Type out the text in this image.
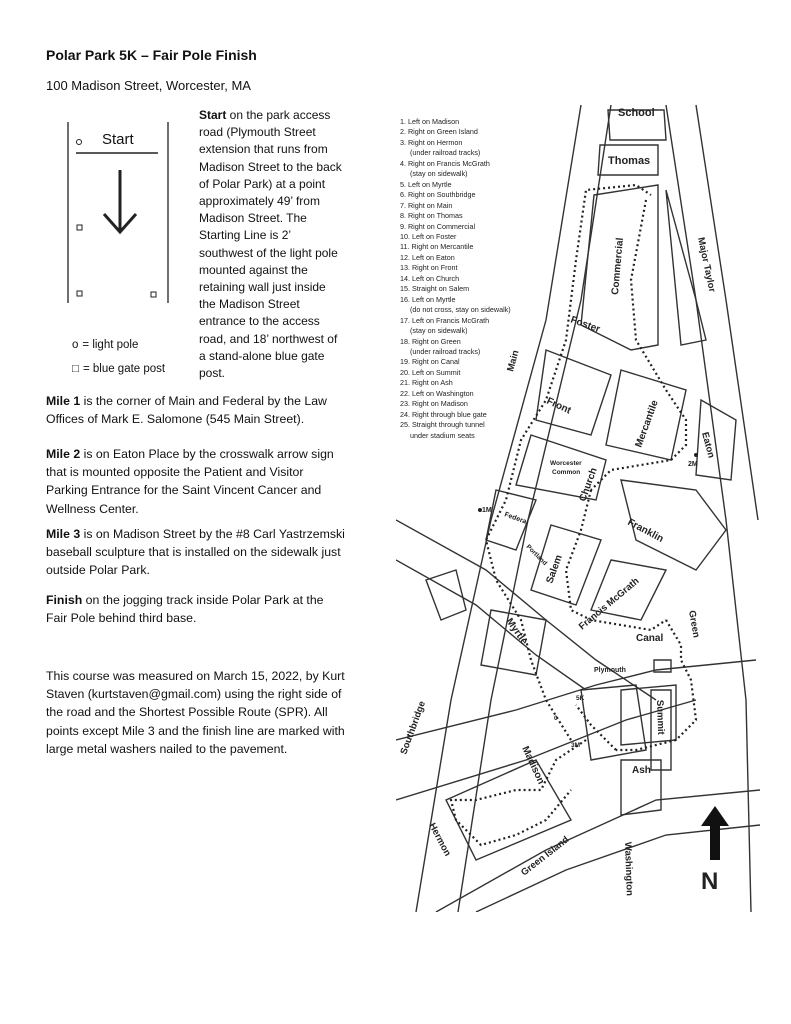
Polar Park 5K – Fair Pole Finish
100 Madison Street, Worcester, MA
Start
o = light pole
□ = blue gate post
Start on the park access road (Plymouth Street extension that runs from Madison Street to the back of Polar Park) at a point approximately 49’ from Madison Street. The Starting Line is 2’ southwest of the light pole mounted against the retaining wall just inside the Madison Street entrance to the access road, and 18’ northwest of a stand-alone blue gate post.
Mile 1 is the corner of Main and Federal by the Law Offices of Mark E. Salomone (545 Main Street).
Mile 2 is on Eaton Place by the crosswalk arrow sign that is mounted opposite the Patient and Visitor Parking Entrance for the Saint Vincent Cancer and Wellness Center.
Mile 3 is on Madison Street by the #8 Carl Yastrzemski baseball sculpture that is installed on the sidewalk just outside Polar Park.
Finish on the jogging track inside Polar Park at the Fair Pole behind third base.
This course was measured on March 15, 2022, by Kurt Staven (kurtstaven@gmail.com) using the right side of the road and the Shortest Possible Route (SPR). All points except Mile 3 and the finish line are marked with large metal washers nailed to the pavement.
School
Thomas
Commercial	Major Taylor
Foster
Main
Front	Mercantile	Eaton
Worcester
Common
Church
Franklin
Federal
Portland
Salem
Francis McGrath	Green
Myrtle	Canal
Plymouth
Southbridge	Summit
Madison	Ash
Hermon	Green Island	Washington	N
1M
2M
3M
5K
0
1. Left on Madison
2. Right on Green Island
3. Right on Hermon
(under railroad tracks)
4. Right on Francis McGrath
(stay on sidewalk)
5. Left on Myrtle
6. Right on Southbridge
7. Right on Main
8. Right on Thomas
9. Right on Commercial
10. Left on Foster
11. Right on Mercantile
12. Left on Eaton
13. Right on Front
14. Left on Church
15. Straight on Salem
16. Left on Myrtle
(do not cross, stay on sidewalk)
17. Left on Francis McGrath
(stay on sidewalk)
18. Right on Green
(under railroad tracks)
19. Right on Canal
20. Left on Summit
21. Right on Ash
22. Left on Washington
23. Right on Madison
24. Right through blue gate
25. Straight through tunnel
under stadium seats
